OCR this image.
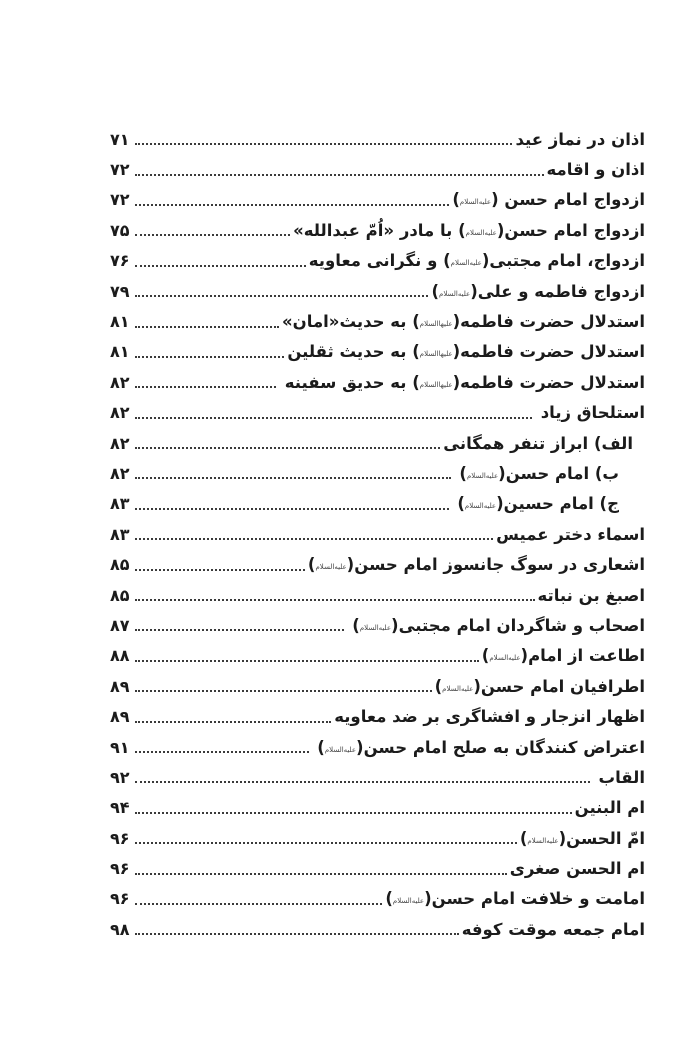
اذان در نماز عید
۷۱
اذان و اقامه
۷۲
ازدواج امام حسن (علیه‌السلام)
۷۲
ازدواج امام حسن(علیه‌السلام) با مادر «اُمّ عبدالله»
۷۵
ازدواج، امام مجتبی(علیه‌السلام) و نگرانی معاویه
۷۶
ازدواج فاطمه و علی(علیه‌السلام)
۷۹
استدلال حضرت فاطمه(علیهاالسلام) به حدیث«امان»
۸۱
استدلال حضرت فاطمه(علیهاالسلام) به حدیث ثقلین
۸۱
استدلال حضرت فاطمه(علیهاالسلام) به حدیق سفینه
۸۲
استلحاق زیاد
۸۲
الف) ابراز تنفر همگانی
۸۲
ب) امام حسن(علیه‌السلام)
۸۲
ج) امام حسین(علیه‌السلام)
۸۳
اسماء دختر عمیس
۸۳
اشعاری در سوگ جانسوز امام حسن(علیه‌السلام)
۸۵
اصبغ بن نباته
۸۵
اصحاب و شاگردان امام مجتبی(علیه‌السلام)
۸۷
اطاعت از امام(علیه‌السلام)
۸۸
اطرافیان امام حسن(علیه‌السلام)
۸۹
اظهار انزجار و افشاگری بر ضد معاویه
۸۹
اعتراض کنندگان به صلح امام حسن(علیه‌السلام)
۹۱
القاب
۹۲
ام البنین
۹۴
امّ الحسن(علیه‌السلام)
۹۶
ام الحسن صغری
۹۶
امامت و خلافت امام حسن(علیه‌السلام)
۹۶
امام جمعه موقت کوفه
۹۸
